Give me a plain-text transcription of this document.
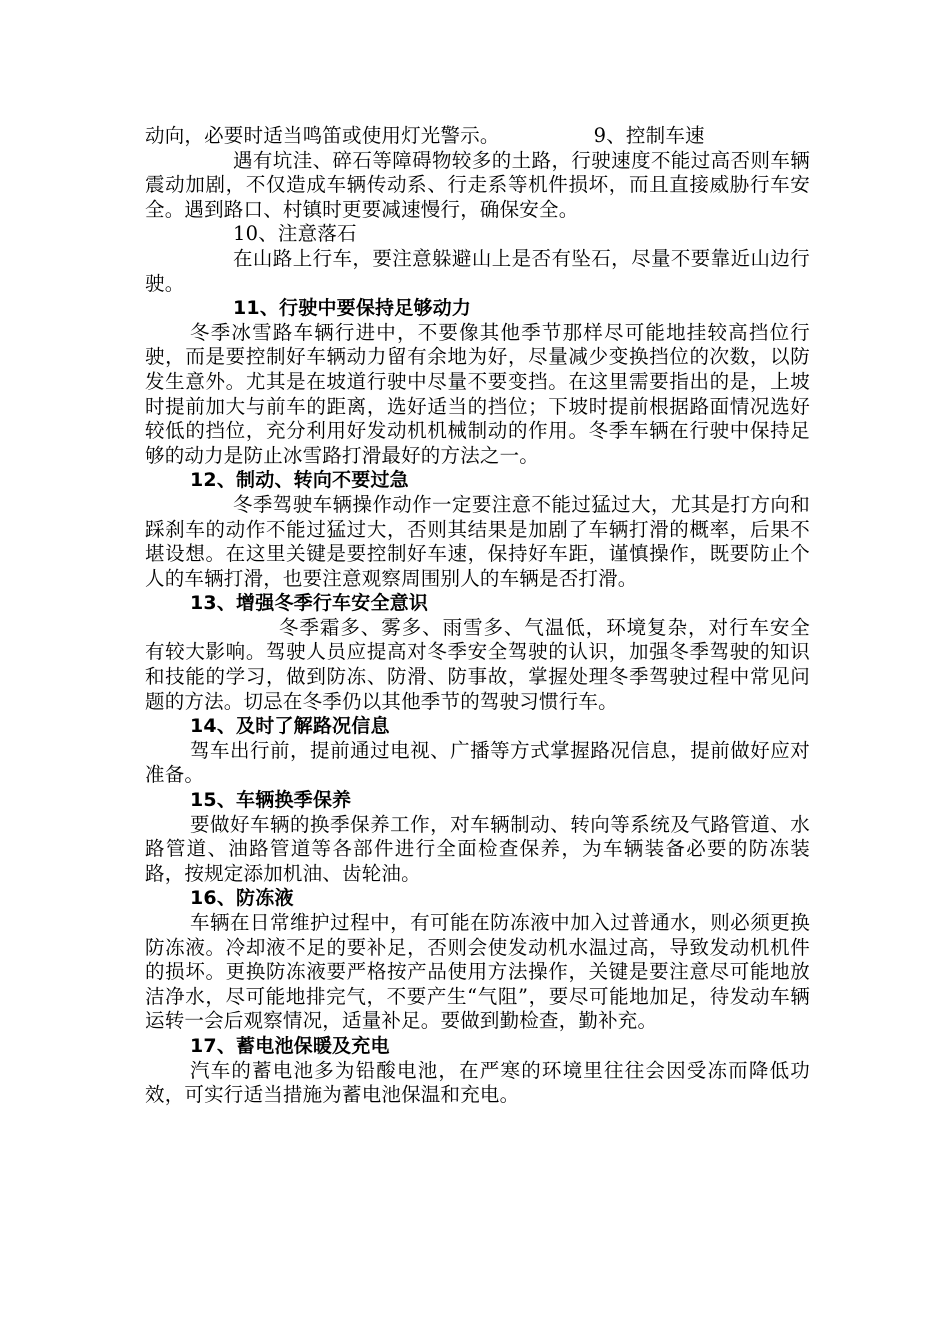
动向，必要时适当鸣笛或使用灯光警示。	9、控制车速

遇有坑洼、碎石等障碍物较多的土路，行驶速度不能过高否则车辆震动加剧，不仅造成车辆传动系、行走系等机件损坏，而且直接威胁行车安全。遇到路口、村镇时更要减速慢行，确保安全。

10、注意落石

在山路上行车，要注意躲避山上是否有坠石，尽量不要靠近山边行驶。

11、行驶中要保持足够动力

冬季冰雪路车辆行进中，不要像其他季节那样尽可能地挂较高挡位行驶，而是要控制好车辆动力留有余地为好，尽量减少变换挡位的次数，以防发生意外。尤其是在坡道行驶中尽量不要变挡。在这里需要指出的是，上坡时提前加大与前车的距离，选好适当的挡位；下坡时提前根据路面情况选好较低的挡位，充分利用好发动机机械制动的作用。冬季车辆在行驶中保持足够的动力是防止冰雪路打滑最好的方法之一。

12、制动、转向不要过急

冬季驾驶车辆操作动作一定要注意不能过猛过大，尤其是打方向和踩刹车的动作不能过猛过大，否则其结果是加剧了车辆打滑的概率，后果不堪设想。在这里关键是要控制好车速，保持好车距，谨慎操作，既要防止个人的车辆打滑，也要注意观察周围别人的车辆是否打滑。

13、增强冬季行车安全意识

冬季霜多、雾多、雨雪多、气温低，环境复杂，对行车安全有较大影响。驾驶人员应提高对冬季安全驾驶的认识，加强冬季驾驶的知识和技能的学习，做到防冻、防滑、防事故，掌握处理冬季驾驶过程中常见问题的方法。切忌在冬季仍以其他季节的驾驶习惯行车。

14、及时了解路况信息

驾车出行前，提前通过电视、广播等方式掌握路况信息，提前做好应对准备。

15、车辆换季保养

要做好车辆的换季保养工作，对车辆制动、转向等系统及气路管道、水路管道、油路管道等各部件进行全面检查保养，为车辆装备必要的防冻装路，按规定添加机油、齿轮油。

16、防冻液

车辆在日常维护过程中，有可能在防冻液中加入过普通水，则必须更换防冻液。冷却液不足的要补足，否则会使发动机水温过高，导致发动机机件的损坏。更换防冻液要严格按产品使用方法操作，关键是要注意尽可能地放洁净水，尽可能地排完气，不要产生“气阻”，要尽可能地加足，待发动车辆运转一会后观察情况，适量补足。要做到勤检查，勤补充。

17、蓄电池保暖及充电

汽车的蓄电池多为铅酸电池，在严寒的环境里往往会因受冻而降低功效，可实行适当措施为蓄电池保温和充电。
